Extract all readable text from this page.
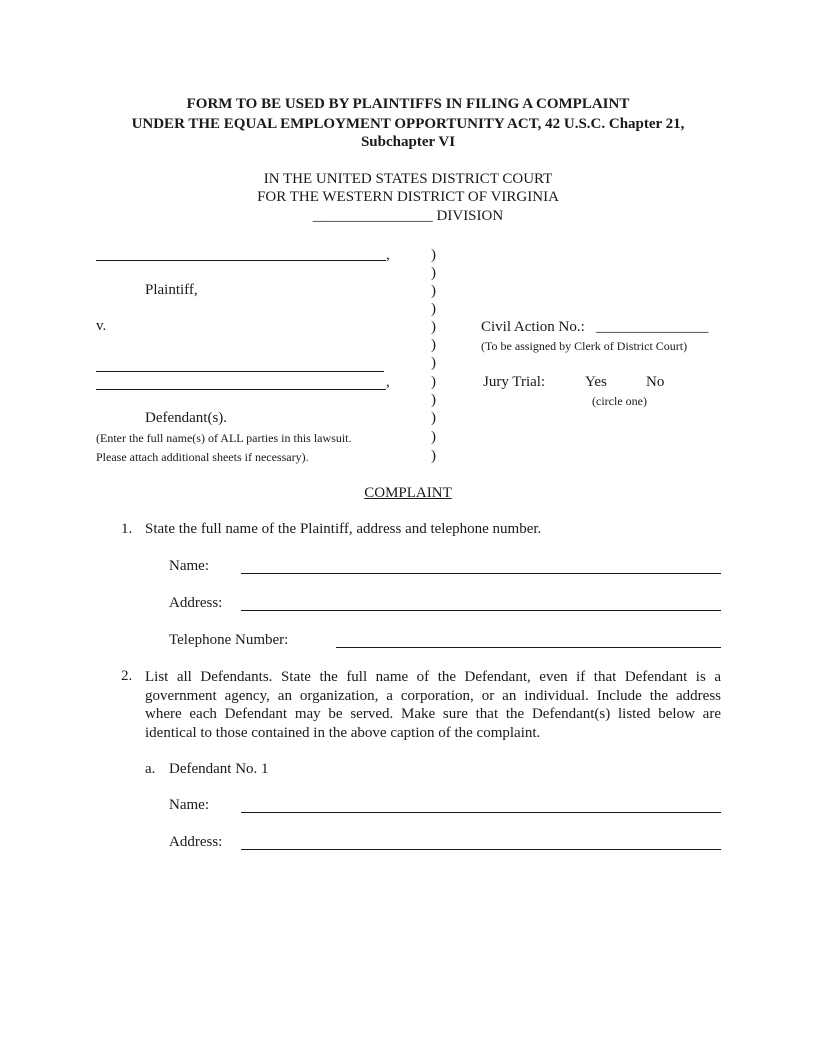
FORM TO BE USED BY PLAINTIFFS IN FILING A COMPLAINT
UNDER THE EQUAL EMPLOYMENT OPPORTUNITY ACT, 42 U.S.C. Chapter 21,
Subchapter VI
IN THE UNITED STATES DISTRICT COURT
FOR THE WESTERN DISTRICT OF VIRGINIA
________________ DIVISION
,
Plaintiff,
v.
,
Defendant(s).
(Enter the full name(s) of ALL parties in this lawsuit.
Please attach additional sheets if necessary).
)
)
)
)
)
)
)
)
)
)
)
)
Civil Action No.: _______________
(To be assigned by Clerk of District Court)
Jury Trial:	Yes	No
(circle one)
COMPLAINT
1. State the full name of the Plaintiff, address and telephone number.
Name:
Address:
Telephone Number:
2. List all Defendants. State the full name of the Defendant, even if that Defendant is a
government agency, an organization, a corporation, or an individual. Include the address
where each Defendant may be served. Make sure that the Defendant(s) listed below are
identical to those contained in the above caption of the complaint.
a. Defendant No. 1
Name:
Address:
